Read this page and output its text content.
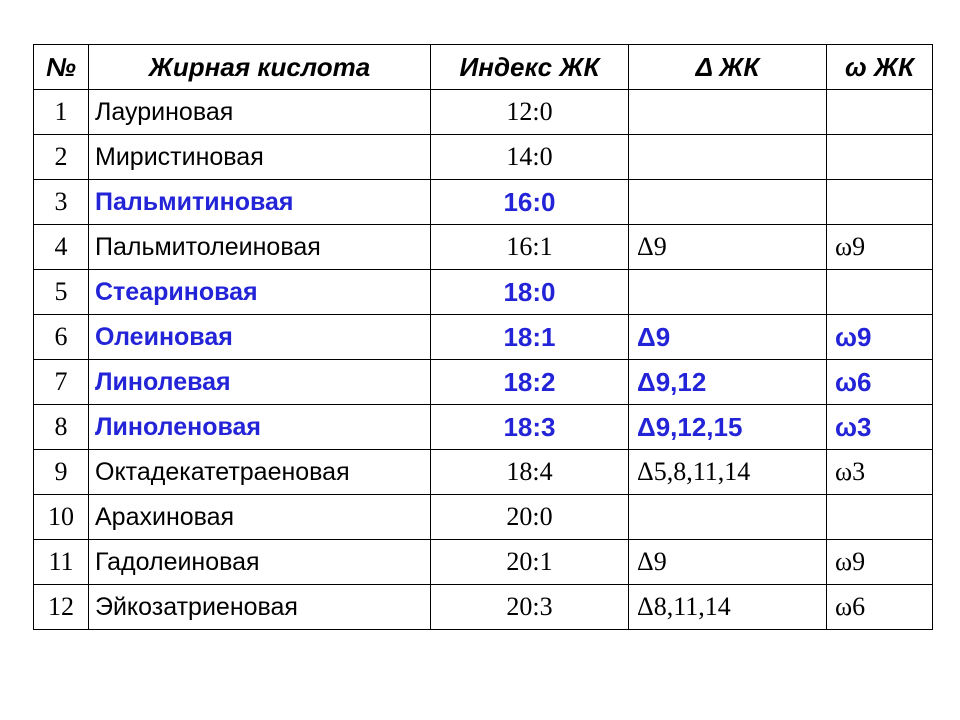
№	Жирная кислота	Индекс ЖК	Δ ЖК	ω ЖК
1	Лауриновая	12:0		
2	Миристиновая	14:0		
3	Пальмитиновая	16:0		
4	Пальмитолеиновая	16:1	Δ9	ω9
5	Стеариновая	18:0		
6	Олеиновая	18:1	Δ9	ω9
7	Линолевая	18:2	Δ9,12	ω6
8	Линоленовая	18:3	Δ9,12,15	ω3
9	Октадекатетраеновая	18:4	Δ5,8,11,14	ω3
10	Арахиновая	20:0		
11	Гадолеиновая	20:1	Δ9	ω9
12	Эйкозатриеновая	20:3	Δ8,11,14	ω6
